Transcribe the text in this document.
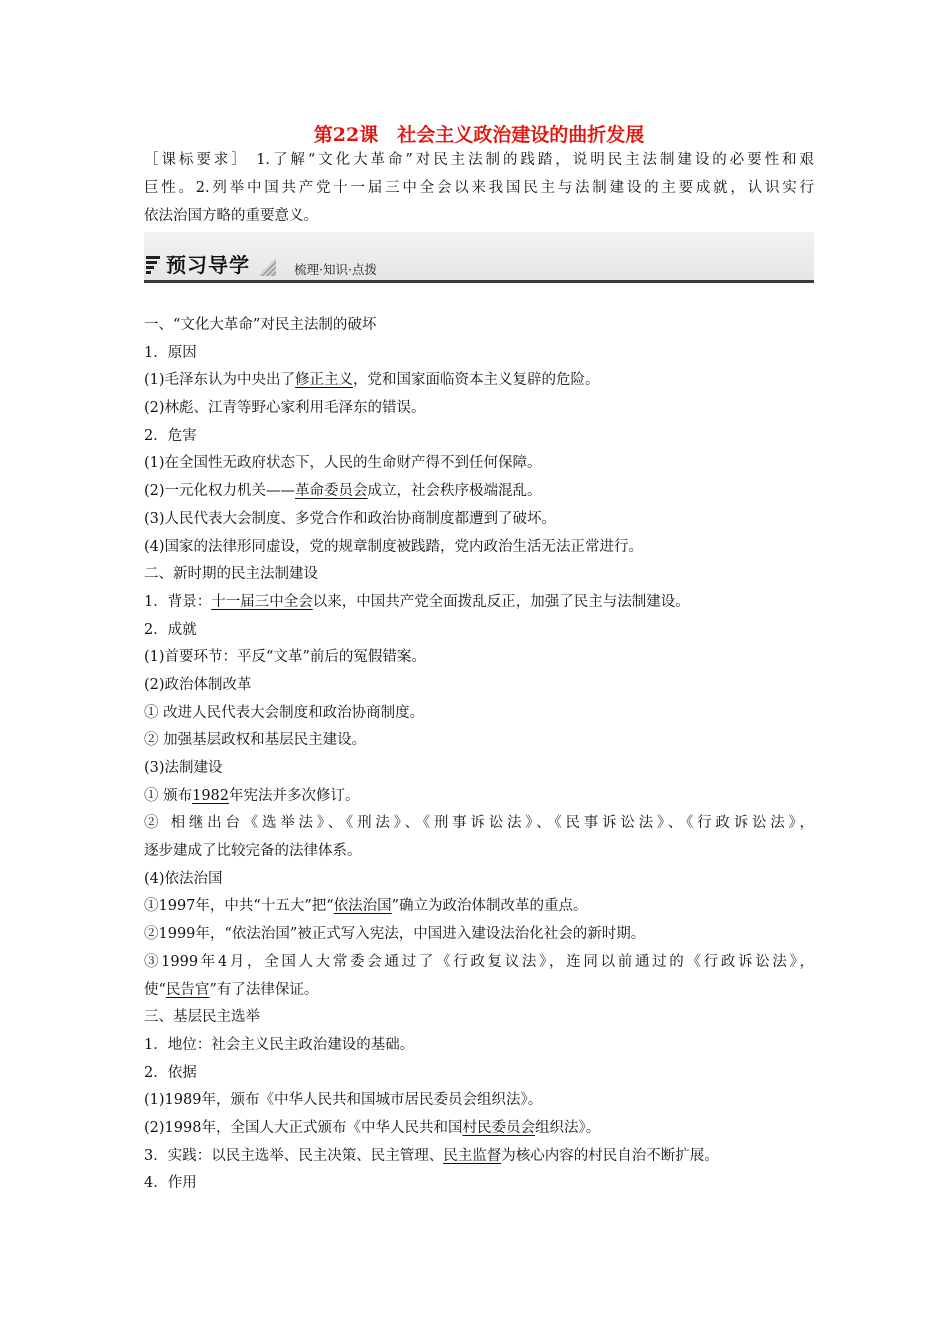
第22课　社会主义政治建设的曲折发展
［课标要求］ 1.了解“文化大革命”对民主法制的践踏，说明民主法制建设的必要性和艰
巨性。2.列举中国共产党十一届三中全会以来我国民主与法制建设的主要成就，认识实行
依法治国方略的重要意义。
预习导学	梳理·知识·点拨
一、“文化大革命”对民主法制的破坏
1．原因
(1)毛泽东认为中央出了修正主义，党和国家面临资本主义复辟的危险。
(2)林彪、江青等野心家利用毛泽东的错误。
2．危害
(1)在全国性无政府状态下，人民的生命财产得不到任何保障。
(2)一元化权力机关——革命委员会成立，社会秩序极端混乱。
(3)人民代表大会制度、多党合作和政治协商制度都遭到了破坏。
(4)国家的法律形同虚设，党的规章制度被践踏，党内政治生活无法正常进行。
二、新时期的民主法制建设
1．背景：十一届三中全会以来，中国共产党全面拨乱反正，加强了民主与法制建设。
2．成就
(1)首要环节：平反“文革”前后的冤假错案。
(2)政治体制改革
① 改进人民代表大会制度和政治协商制度。
② 加强基层政权和基层民主建设。
(3)法制建设
① 颁布1982年宪法并多次修订。
② 相继出台《选举法》、《刑法》、《刑事诉讼法》、《民事诉讼法》、《行政诉讼法》，
逐步建成了比较完备的法律体系。
(4)依法治国
①1997年，中共“十五大”把“依法治国”确立为政治体制改革的重点。
②1999年，“依法治国”被正式写入宪法，中国进入建设法治化社会的新时期。
③1999年4月，全国人大常委会通过了《行政复议法》，连同以前通过的《行政诉讼法》，
使“民告官”有了法律保证。
三、基层民主选举
1．地位：社会主义民主政治建设的基础。
2．依据
(1)1989年，颁布《中华人民共和国城市居民委员会组织法》。
(2)1998年，全国人大正式颁布《中华人民共和国村民委员会组织法》。
3．实践：以民主选举、民主决策、民主管理、民主监督为核心内容的村民自治不断扩展。
4．作用
